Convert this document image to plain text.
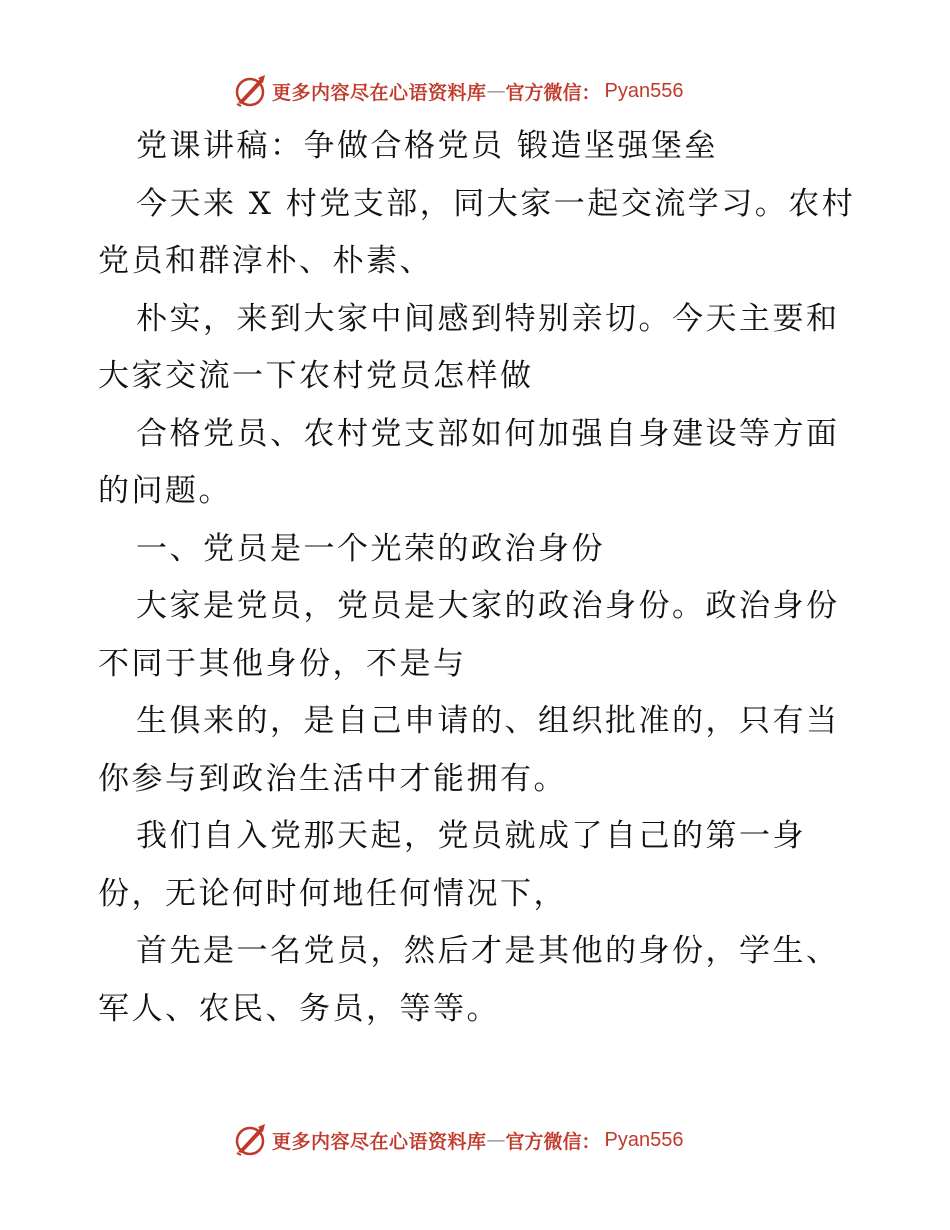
更多内容尽在心语资料库 — 官方微信： Pyan556

党课讲稿：争做合格党员 锻造坚强堡垒

今天来 X 村党支部，同大家一起交流学习。农村党员和群淳朴、朴素、

朴实，来到大家中间感到特别亲切。今天主要和大家交流一下农村党员怎样做

合格党员、农村党支部如何加强自身建设等方面的问题。

一、党员是一个光荣的政治身份

大家是党员，党员是大家的政治身份。政治身份不同于其他身份，不是与

生俱来的，是自己申请的、组织批准的，只有当你参与到政治生活中才能拥有。

我们自入党那天起，党员就成了自己的第一身份，无论何时何地任何情况下，

首先是一名党员，然后才是其他的身份，学生、军人、农民、务员，等等。

更多内容尽在心语资料库 — 官方微信： Pyan556
